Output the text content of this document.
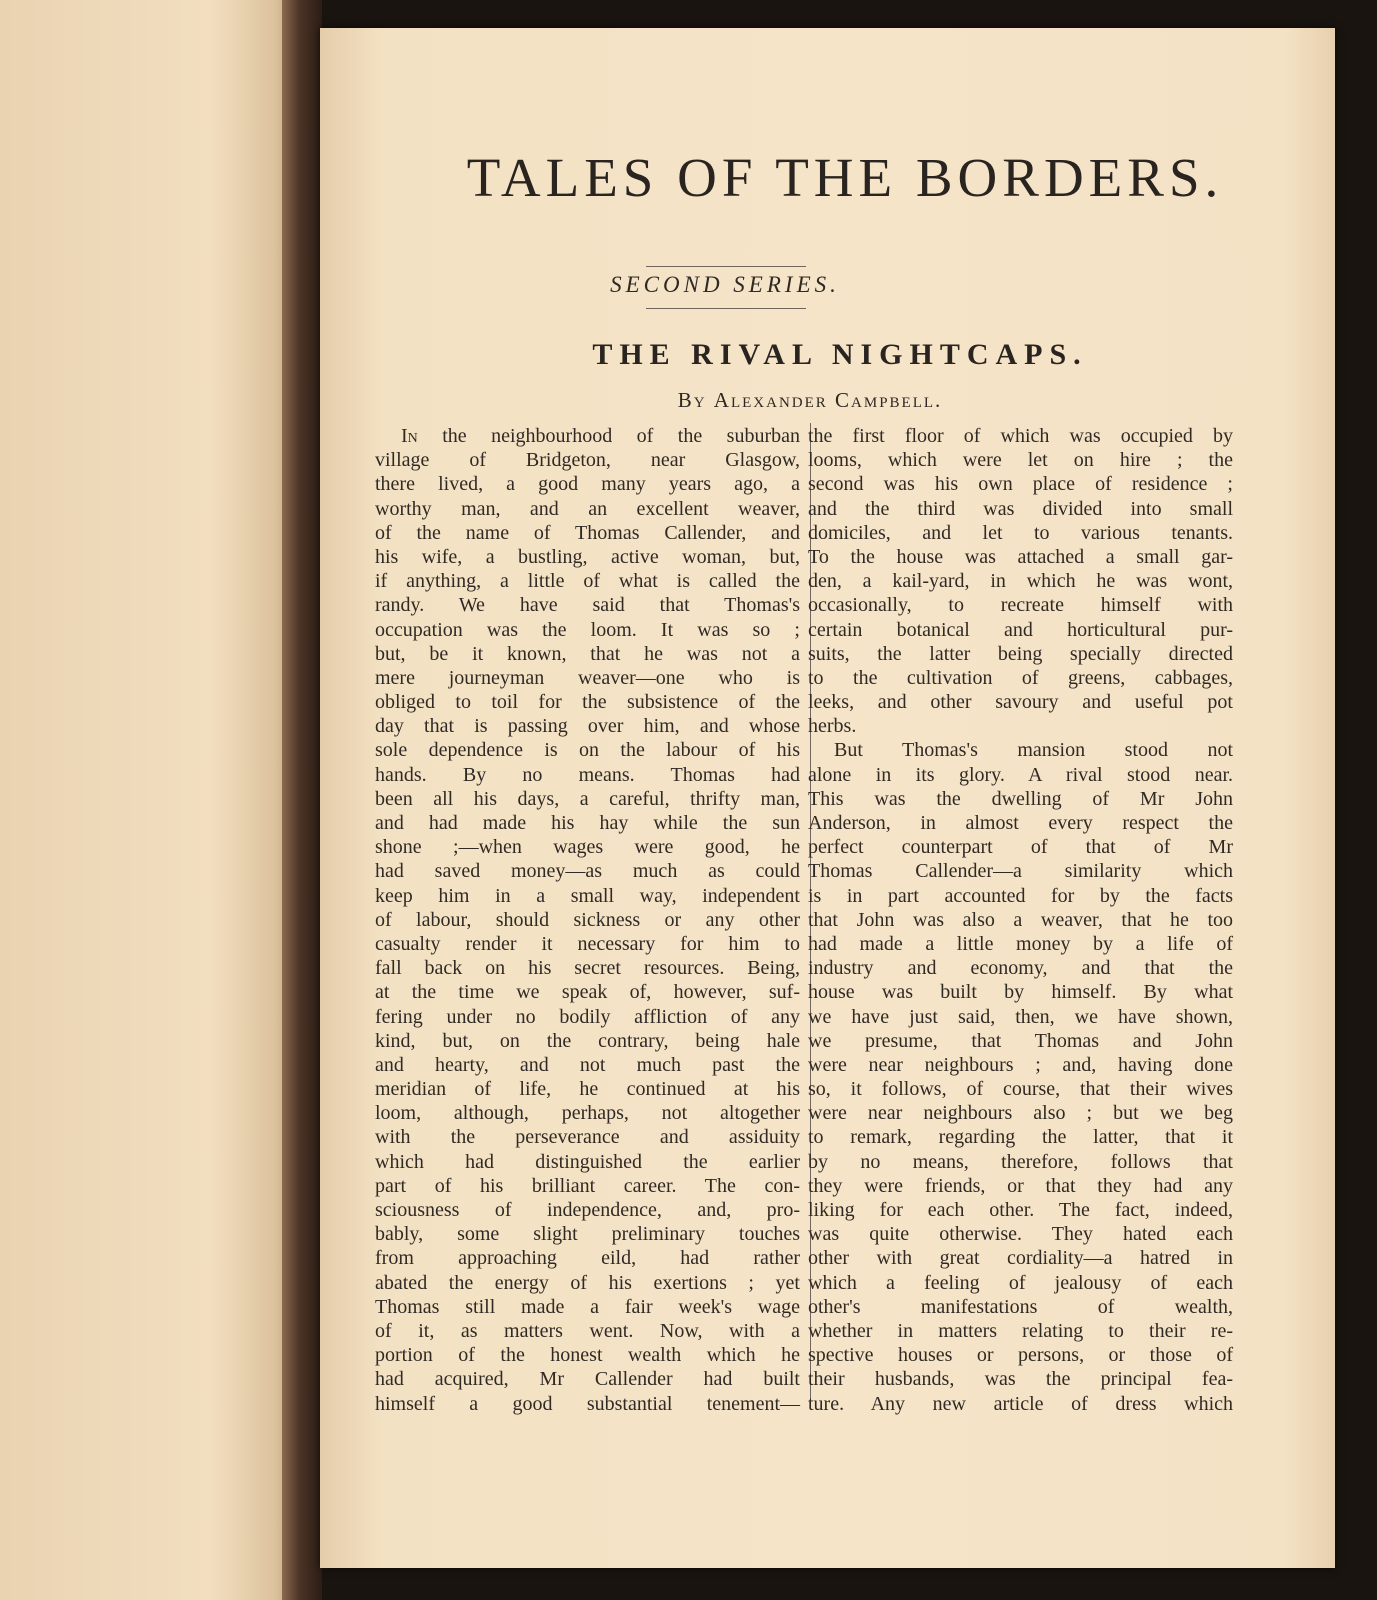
TALES OF THE BORDERS.
SECOND SERIES.
THE RIVAL NIGHTCAPS.
By Alexander Campbell.
In the neighbourhood of the suburban
village of Bridgeton, near Glasgow,
there lived, a good many years ago, a
worthy man, and an excellent weaver,
of the name of Thomas Callender, and
his wife, a bustling, active woman, but,
if anything, a little of what is called the
randy. We have said that Thomas's
occupation was the loom. It was so ;
but, be it known, that he was not a
mere journeyman weaver—one who is
obliged to toil for the subsistence of the
day that is passing over him, and whose
sole dependence is on the labour of his
hands. By no means. Thomas had
been all his days, a careful, thrifty man,
and had made his hay while the sun
shone ;—when wages were good, he
had saved money—as much as could
keep him in a small way, independent
of labour, should sickness or any other
casualty render it necessary for him to
fall back on his secret resources. Being,
at the time we speak of, however, suf-
fering under no bodily affliction of any
kind, but, on the contrary, being hale
and hearty, and not much past the
meridian of life, he continued at his
loom, although, perhaps, not altogether
with the perseverance and assiduity
which had distinguished the earlier
part of his brilliant career. The con-
sciousness of independence, and, pro-
bably, some slight preliminary touches
from approaching eild, had rather
abated the energy of his exertions ; yet
Thomas still made a fair week's wage
of it, as matters went. Now, with a
portion of the honest wealth which he
had acquired, Mr Callender had built
himself a good substantial tenement—
the first floor of which was occupied by
looms, which were let on hire ; the
second was his own place of residence ;
and the third was divided into small
domiciles, and let to various tenants.
To the house was attached a small gar-
den, a kail-yard, in which he was wont,
occasionally, to recreate himself with
certain botanical and horticultural pur-
suits, the latter being specially directed
to the cultivation of greens, cabbages,
leeks, and other savoury and useful pot
herbs.
But Thomas's mansion stood not
alone in its glory. A rival stood near.
This was the dwelling of Mr John
Anderson, in almost every respect the
perfect counterpart of that of Mr
Thomas Callender—a similarity which
is in part accounted for by the facts
that John was also a weaver, that he too
had made a little money by a life of
industry and economy, and that the
house was built by himself. By what
we have just said, then, we have shown,
we presume, that Thomas and John
were near neighbours ; and, having done
so, it follows, of course, that their wives
were near neighbours also ; but we beg
to remark, regarding the latter, that it
by no means, therefore, follows that
they were friends, or that they had any
liking for each other. The fact, indeed,
was quite otherwise. They hated each
other with great cordiality—a hatred in
which a feeling of jealousy of each
other's manifestations of wealth,
whether in matters relating to their re-
spective houses or persons, or those of
their husbands, was the principal fea-
ture. Any new article of dress which
